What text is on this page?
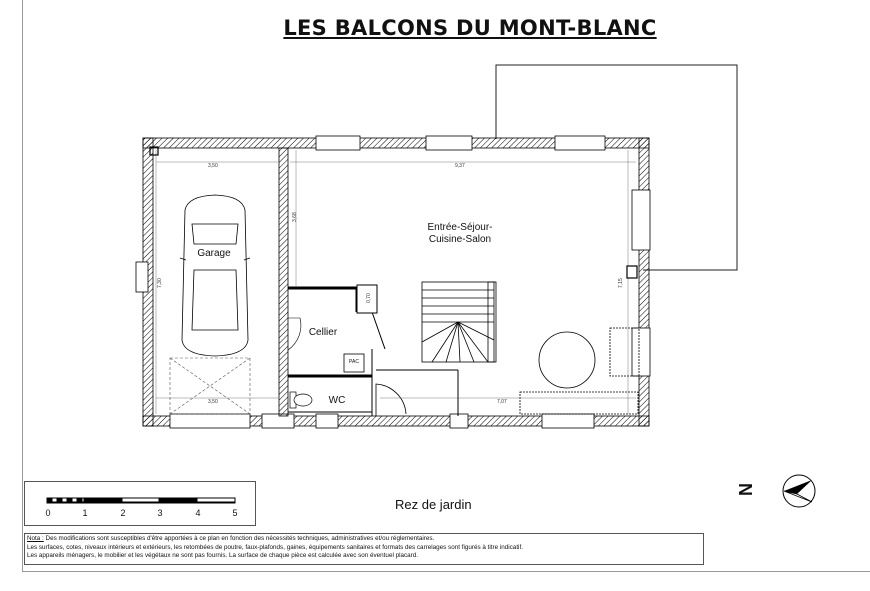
LES BALCONS DU MONT-BLANC
Garage
Entrée-Séjour-
Cuisine-Salon
Cellier
WC
PAC
3,50	9,37
7,30
3,68
7,15
0,70
3,50	7,07
Rez de jardin
0	1	2	3	4	5
N
Nota : Des modifications sont susceptibles d'être apportées à ce plan en fonction des nécessités techniques, administratives et/ou réglementaires.
Les surfaces, cotes, niveaux intérieurs et extérieurs, les retombées de poutre, faux-plafonds, gaines, équipements sanitaires et formats des carrelages sont figurés à titre indicatif.
Les appareils ménagers, le mobilier et les végétaux ne sont pas fournis. La surface de chaque pièce est calculée avec son éventuel placard.
